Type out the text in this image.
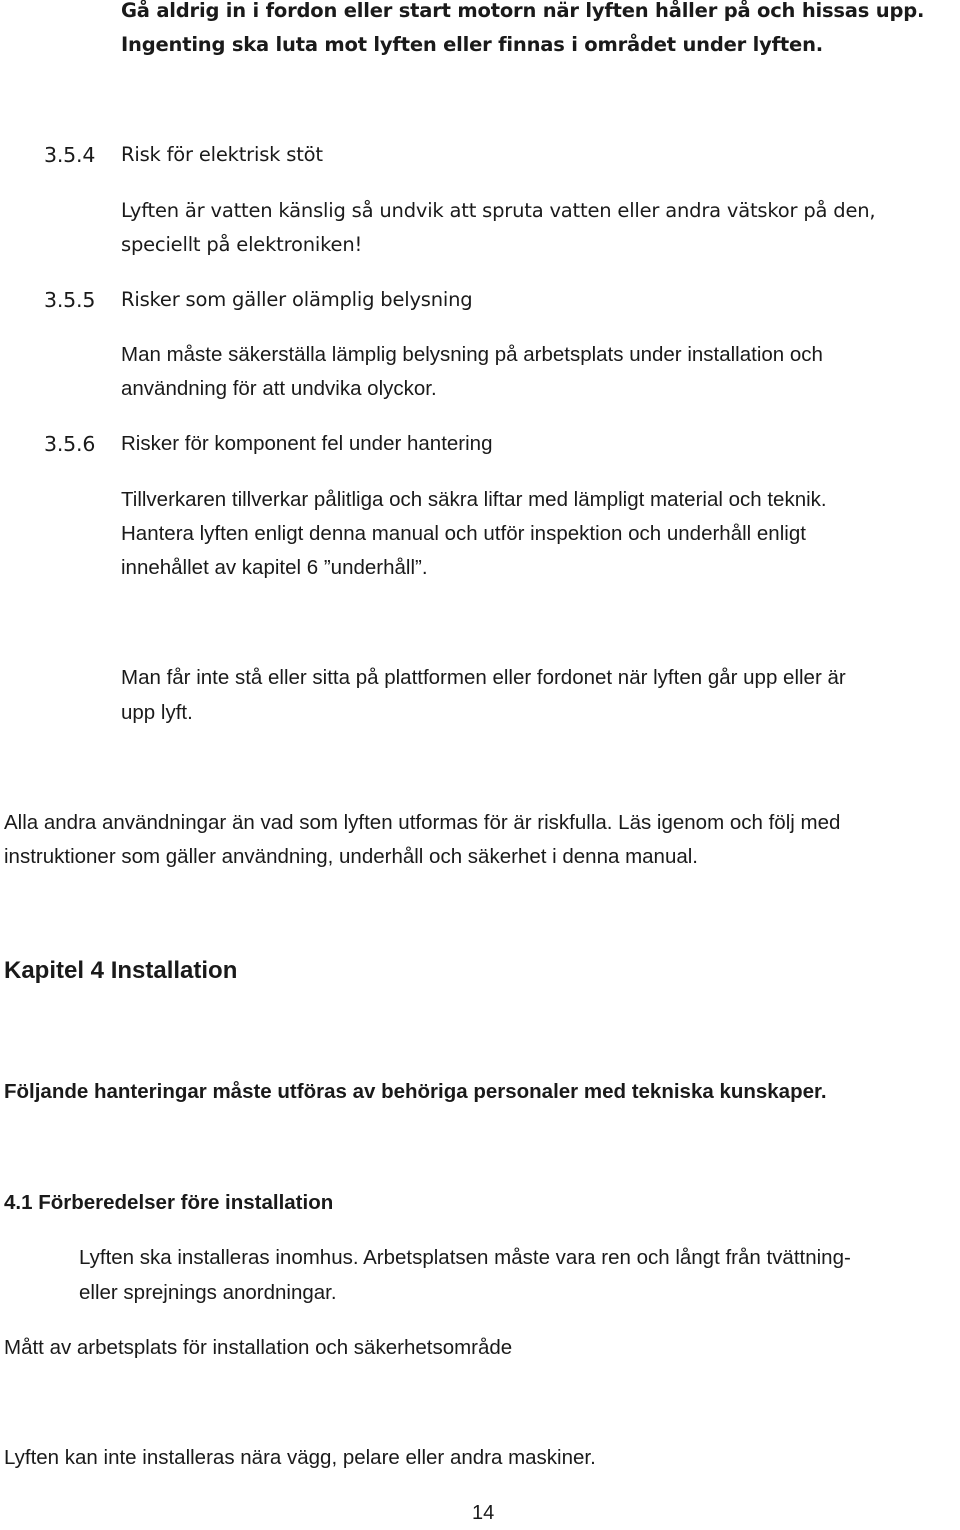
Gå aldrig in i fordon eller start motorn när lyften håller på och hissas upp.

Ingenting ska luta mot lyften eller finnas i området under lyften.

3.5.4 Risk för elektrisk stöt

Lyften är vatten känslig så undvik att spruta vatten eller andra vätskor på den,

speciellt på elektroniken!

3.5.5 Risker som gäller olämplig belysning

Man måste säkerställa lämplig belysning på arbetsplats under installation och

användning för att undvika olyckor.

3.5.6 Risker för komponent fel under hantering

Tillverkaren tillverkar pålitliga och säkra liftar med lämpligt material och teknik.

Hantera lyften enligt denna manual och utför inspektion och underhåll enligt

innehållet av kapitel 6 ”underhåll”.

Man får inte stå eller sitta på plattformen eller fordonet när lyften går upp eller är

upp lyft.

Alla andra användningar än vad som lyften utformas för är riskfulla. Läs igenom och följ med

instruktioner som gäller användning, underhåll och säkerhet i denna manual.

Kapitel 4 Installation

Följande hanteringar måste utföras av behöriga personaler med tekniska kunskaper.

4.1 Förberedelser före installation

Lyften ska installeras inomhus. Arbetsplatsen måste vara ren och långt från tvättning-

eller sprejnings anordningar.

Mått av arbetsplats för installation och säkerhetsområde

Lyften kan inte installeras nära vägg, pelare eller andra maskiner.

14
